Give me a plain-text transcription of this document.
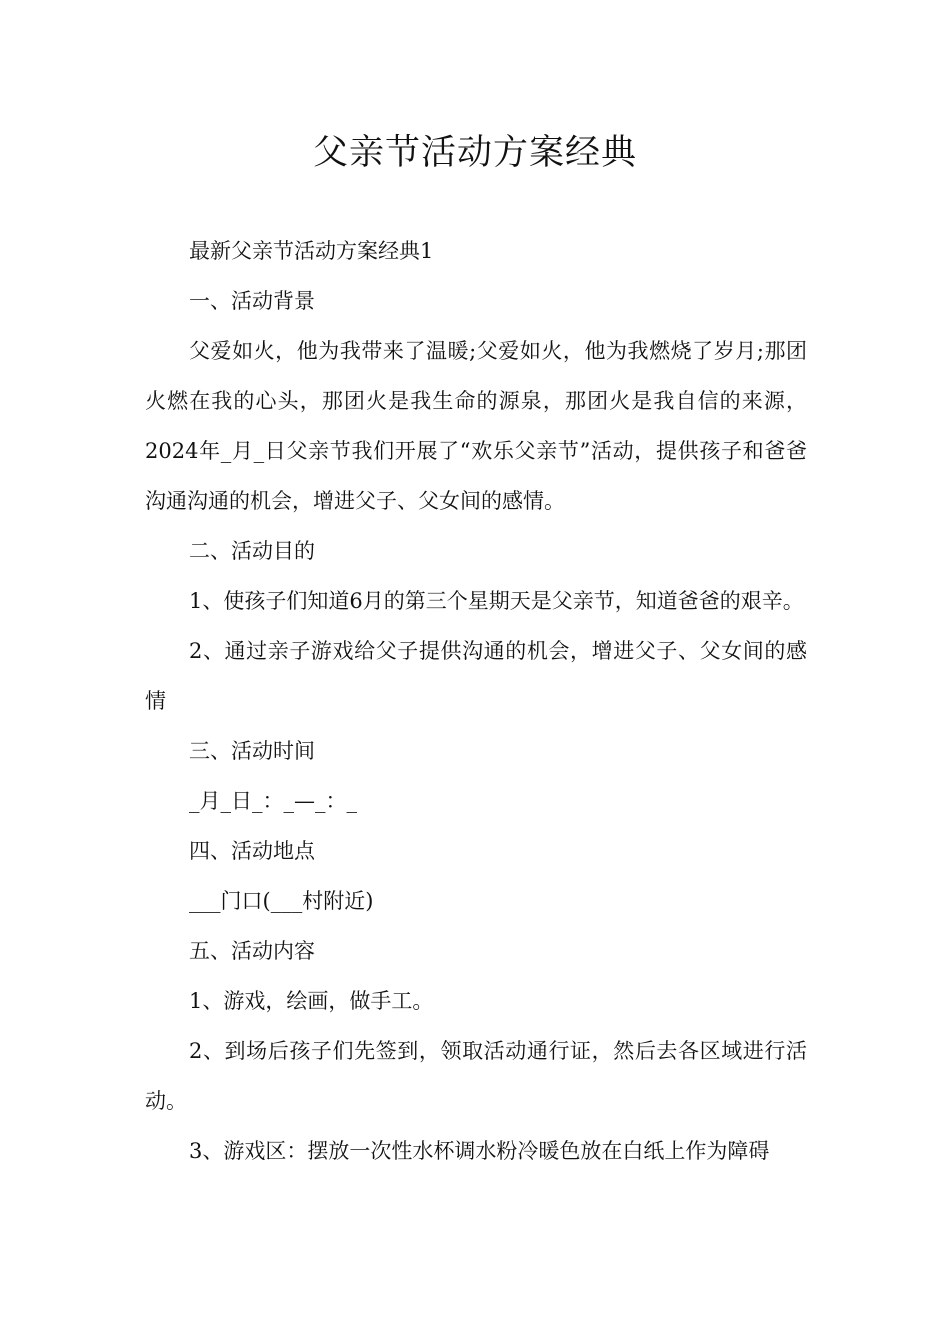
父亲节活动方案经典

最新父亲节活动方案经典1

一、活动背景

父爱如火，他为我带来了温暖;父爱如火，他为我燃烧了岁月;那团火燃在我的心头，那团火是我生命的源泉，那团火是我自信的来源，2024年_月_日父亲节我们开展了“欢乐父亲节”活动，提供孩子和爸爸沟通沟通的机会，增进父子、父女间的感情。

二、活动目的

1、使孩子们知道6月的第三个星期天是父亲节，知道爸爸的艰辛。

2、通过亲子游戏给父子提供沟通的机会，增进父子、父女间的感情

三、活动时间

_月_日_：_—_：_

四、活动地点

___门口(___村附近)

五、活动内容

1、游戏，绘画，做手工。

2、到场后孩子们先签到，领取活动通行证，然后去各区域进行活动。

3、游戏区：摆放一次性水杯调水粉冷暖色放在白纸上作为障碍
